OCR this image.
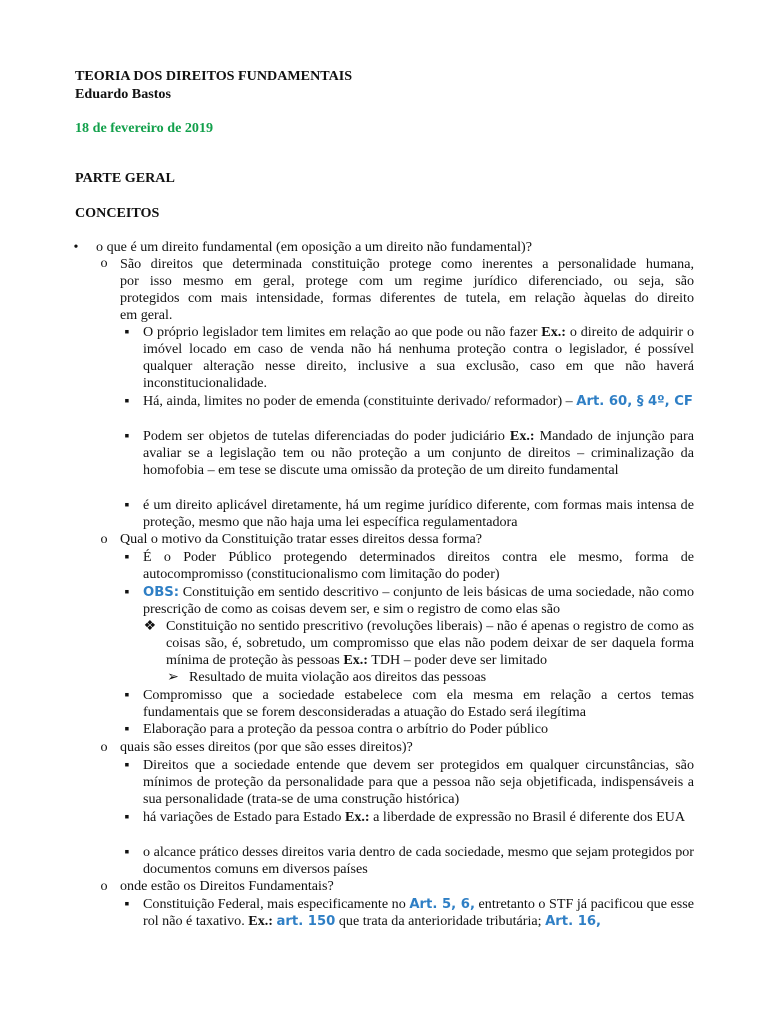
TEORIA DOS DIREITOS FUNDAMENTAIS
Eduardo Bastos
18 de fevereiro de 2019
PARTE GERAL
CONCEITOS
•	o que é um direito fundamental (em oposição a um direito não fundamental)?
o São direitos que determinada constituição protege como inerentes a personalidade humana,
por isso mesmo em geral, protege com um regime jurídico diferenciado, ou seja, são
protegidos com mais intensidade, formas diferentes de tutela, em relação àquelas do direito
em geral.
▪ O próprio legislador tem limites em relação ao que pode ou não fazer Ex.: o direito de adquirir o imóvel locado em caso de venda não há nenhuma proteção contra o legislador, é possível qualquer alteração nesse direito, inclusive a sua exclusão, caso em que não haverá inconstitucionalidade.
▪ Há, ainda, limites no poder de emenda (constituinte derivado/ reformador) – Art. 60, § 4º, CF
▪ Podem ser objetos de tutelas diferenciadas do poder judiciário Ex.: Mandado de injunção para avaliar se a legislação tem ou não proteção a um conjunto de direitos – criminalização da homofobia – em tese se discute uma omissão da proteção de um direito fundamental
▪ é um direito aplicável diretamente, há um regime jurídico diferente, com formas mais intensa de proteção, mesmo que não haja uma lei específica regulamentadora
o Qual o motivo da Constituição tratar esses direitos dessa forma?
▪ É o Poder Público protegendo determinados direitos contra ele mesmo, forma de autocompromisso (constitucionalismo com limitação do poder)
▪	OBS: Constituição em sentido descritivo – conjunto de leis básicas de uma sociedade, não como prescrição de como as coisas devem ser, e sim o registro de como elas são
❖ Constituição no sentido prescritivo (revoluções liberais) – não é apenas o registro de como as coisas são, é, sobretudo, um compromisso que elas não podem deixar de ser daquela forma mínima de proteção às pessoas Ex.: TDH – poder deve ser limitado
➢ Resultado de muita violação aos direitos das pessoas
▪ Compromisso que a sociedade estabelece com ela mesma em relação a certos temas fundamentais que se forem desconsideradas a atuação do Estado será ilegítima
▪ Elaboração para a proteção da pessoa contra o arbítrio do Poder público
o quais são esses direitos (por que são esses direitos)?
▪ Direitos que a sociedade entende que devem ser protegidos em qualquer circunstâncias, são mínimos de proteção da personalidade para que a pessoa não seja objetificada, indispensáveis a sua personalidade (trata-se de uma construção histórica)
▪ há variações de Estado para Estado Ex.: a liberdade de expressão no Brasil é diferente dos EUA
▪ o alcance prático desses direitos varia dentro de cada sociedade, mesmo que sejam protegidos por documentos comuns em diversos países
o onde estão os Direitos Fundamentais?
▪ Constituição Federal, mais especificamente no Art. 5, 6, entretanto o STF já pacificou que esse rol não é taxativo. Ex.: art. 150 que trata da anterioridade tributária; Art. 16,
